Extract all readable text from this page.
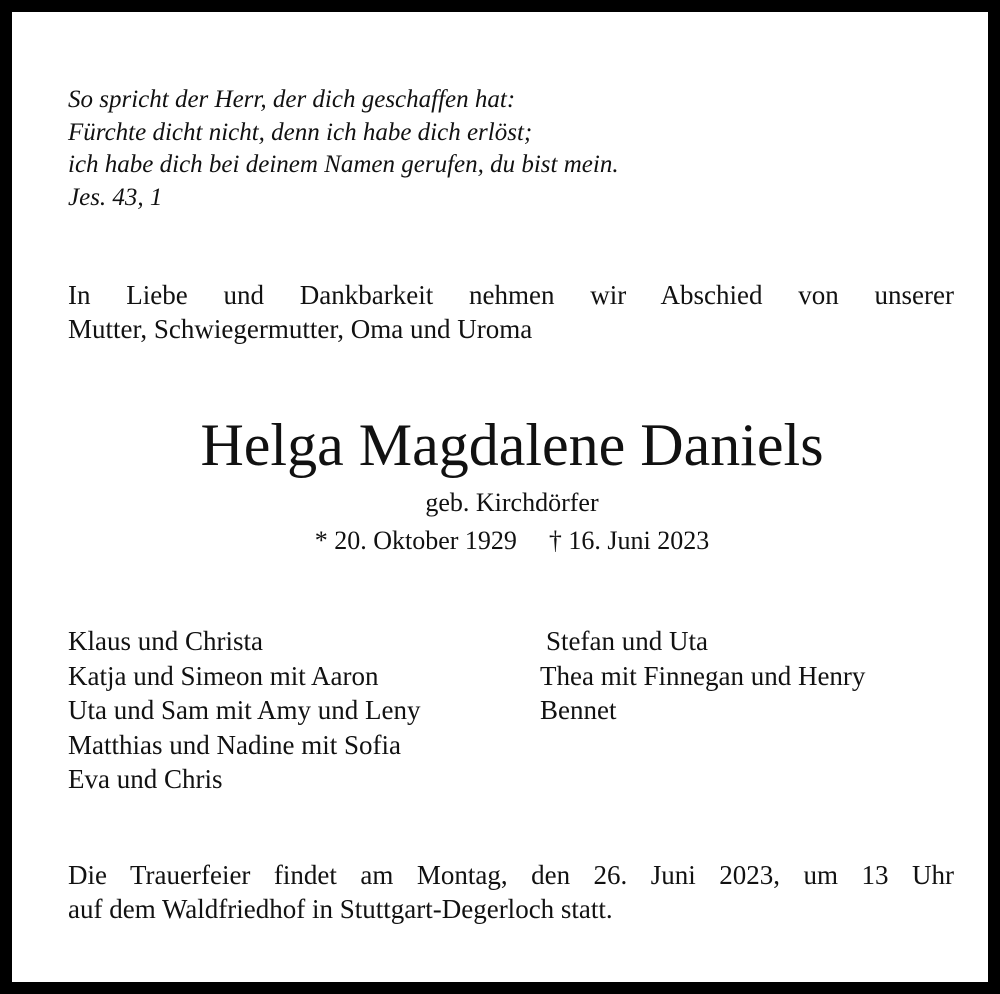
So spricht der Herr, der dich geschaffen hat:
Fürchte dicht nicht, denn ich habe dich erlöst;
ich habe dich bei deinem Namen gerufen, du bist mein.
Jes. 43, 1
In Liebe und Dankbarkeit nehmen wir Abschied von unserer
Mutter, Schwiegermutter, Oma und Uroma
Helga Magdalene Daniels
geb. Kirchdörfer
* 20. Oktober 1929 † 16. Juni 2023
Klaus und Christa
Katja und Simeon mit Aaron
Uta und Sam mit Amy und Leny
Matthias und Nadine mit Sofia
Eva und Chris
Stefan und Uta
Thea mit Finnegan und Henry
Bennet
Die Trauerfeier findet am Montag, den 26. Juni 2023, um 13 Uhr
auf dem Waldfriedhof in Stuttgart-Degerloch statt.
